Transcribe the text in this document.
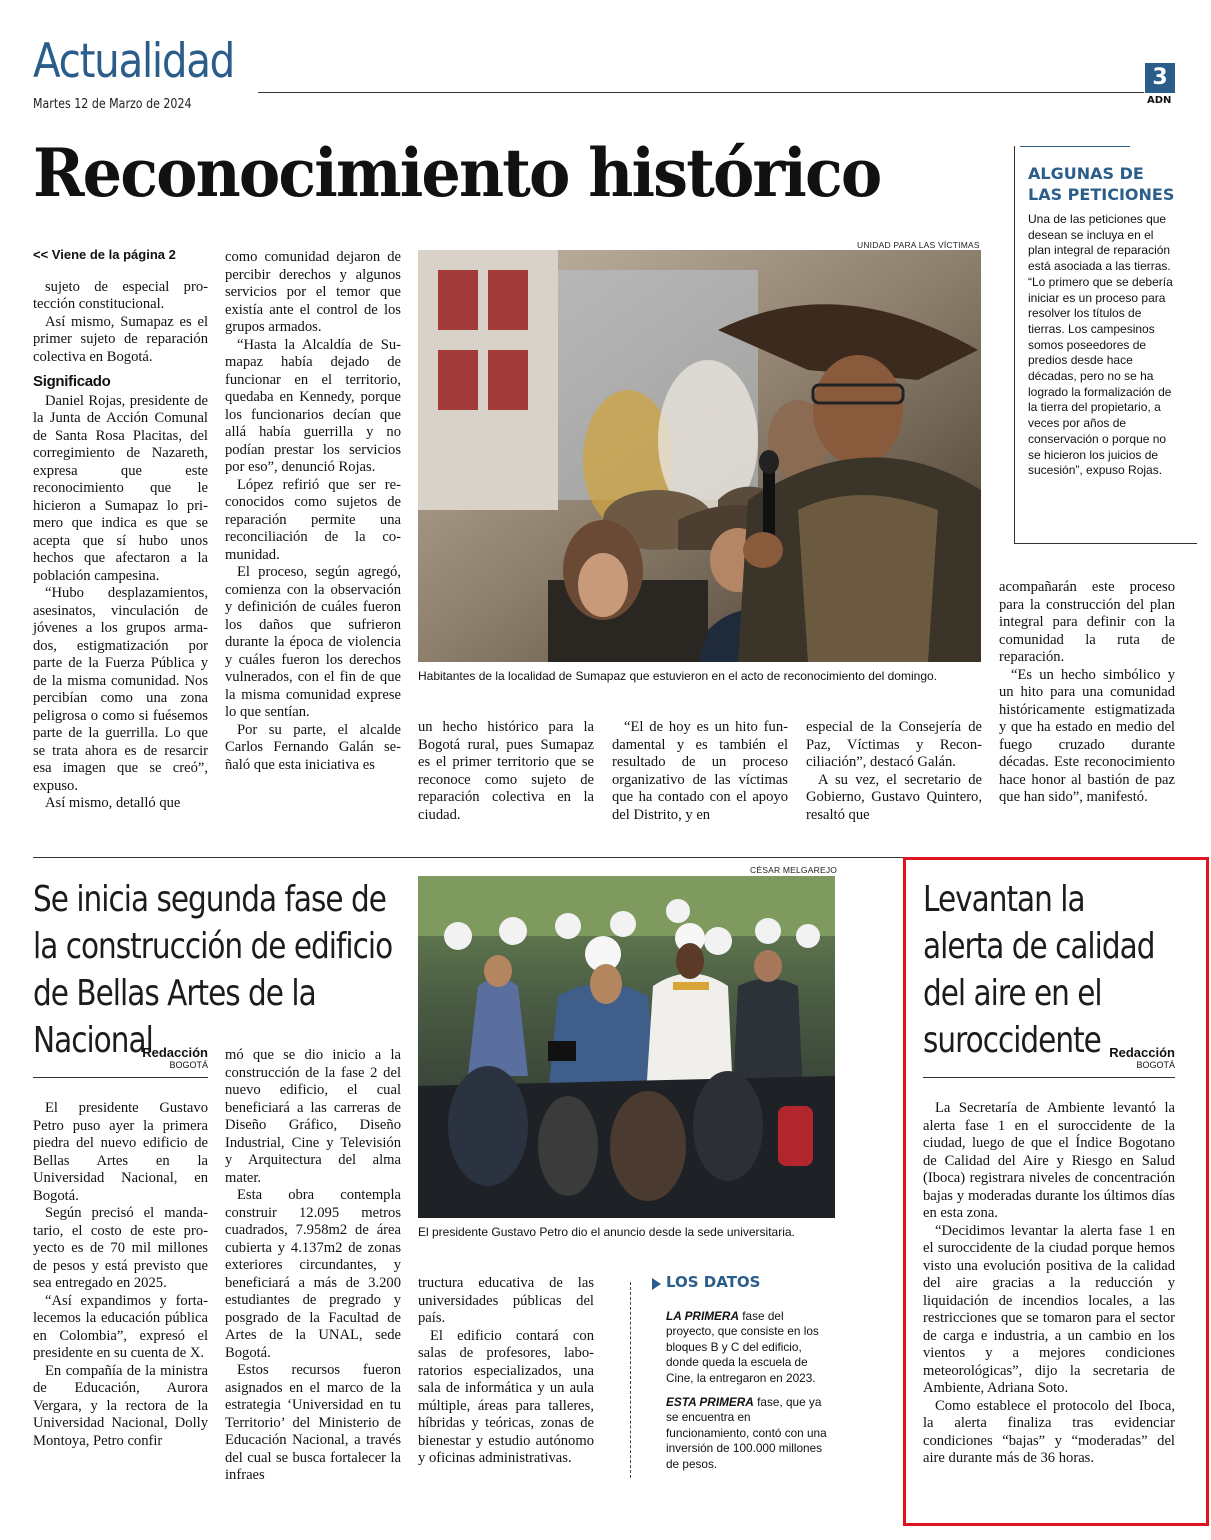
Actualidad
Martes 12 de Marzo de 2024
3
ADN
Reconocimiento histórico	ALGUNAS DE LAS PETICIONES
Una de las peticiones que desean se incluya en el plan integral de reparación está asociada a las tierras. “Lo primero que se debería iniciar es un proceso para resolver los títulos de tierras. Los campesinos somos poseedores de predios desde hace décadas, pero no se ha logrado la formalización de la tierra del propietario, a veces por años de conservación o porque no se hicieron los juicios de sucesión”, expuso Rojas.
<< Viene de la página 2

sujeto de especial protección constitucional.

Así mismo, Sumapaz es el primer sujeto de reparación colectiva en Bogotá.

Significado

Daniel Rojas, presidente de la Junta de Acción Comunal de Santa Rosa Placitas, del corregimiento de Nazareth, expresa que este reconocimiento que le hicieron a Sumapaz lo primero que indica es que se acepta que sí hubo unos hechos que afectaron a la población campesina.

“Hubo desplazamientos, asesinatos, vinculación de jóvenes a los grupos armados, estigmatización por parte de la Fuerza Pública y de la misma comunidad. Nos percibían como una zona peligrosa o como si fuésemos parte de la guerrilla. Lo que se trata ahora es de resarcir esa imagen que se creó”, expuso.

Así mismo, detalló que

como comunidad dejaron de percibir derechos y algunos servicios por el temor que existía ante el control de los grupos armados.

“Hasta la Alcaldía de Sumapaz había dejado de funcionar en el territorio, quedaba en Kennedy, porque los funcionarios decían que allá había guerrilla y no podían prestar los servicios por eso”, denunció Rojas.

López refirió que ser reconocidos como sujetos de reparación permite una reconciliación de la comunidad.

El proceso, según agregó, comienza con la observación y definición de cuáles fueron los daños que sufrieron durante la época de violencia y cuáles fueron los derechos vulnerados, con el fin de que la misma comunidad exprese lo que sentían.

Por su parte, el alcalde Carlos Fernando Galán señaló que esta iniciativa es

UNIDAD PARA LAS VÍCTIMAS
Habitantes de la localidad de Sumapaz que estuvieron en el acto de reconocimiento del domingo.

un hecho histórico para la Bogotá rural, pues Sumapaz es el primer territorio que se reconoce como sujeto de reparación colectiva en la ciudad.

“El de hoy es un hito fundamental y es también el resultado de un proceso organizativo de las víctimas que ha contado con el apoyo del Distrito, y en

especial de la Consejería de Paz, Víctimas y Reconciliación”, destacó Galán.

A su vez, el secretario de Gobierno, Gustavo Quintero, resaltó que

acompañarán este proceso para la construcción del plan integral para definir con la comunidad la ruta de reparación.

“Es un hecho simbólico y un hito para una comunidad históricamente estigmatizada y que ha estado en medio del fuego cruzado durante décadas. Este reconocimiento hace honor al bastión de paz que han sido”, manifestó.

Se inicia segunda fase de la construcción de edificio de Bellas Artes de la Nacional
Redacción
BOGOTÁ

El presidente Gustavo Petro puso ayer la primera piedra del nuevo edificio de Bellas Artes en la Universidad Nacional, en Bogotá.

Según precisó el mandatario, el costo de este proyecto es de 70 mil millones de pesos y está previsto que sea entregado en 2025.

“Así expandimos y fortalecemos la educación pública en Colombia”, expresó el presidente en su cuenta de X.

En compañía de la ministra de Educación, Aurora Vergara, y la rectora de la Universidad Nacional, Dolly Montoya, Petro confir

mó que se dio inicio a la construcción de la fase 2 del nuevo edificio, el cual beneficiará a las carreras de Diseño Gráfico, Diseño Industrial, Cine y Televisión y Arquitectura del alma mater.

Esta obra contempla construir 12.095 metros cuadrados, 7.958m2 de área cubierta y 4.137m2 de zonas exteriores circundantes, y beneficiará a más de 3.200 estudiantes de pregrado y posgrado de la Facultad de Artes de la UNAL, sede Bogotá.

Estos recursos fueron asignados en el marco de la estrategia ‘Universidad en tu Territorio’ del Ministerio de Educación Nacional, a través del cual se busca fortalecer la infraes

CÉSAR MELGAREJO
El presidente Gustavo Petro dio el anuncio desde la sede universitaria.

tructura educativa de las universidades públicas del país.

El edificio contará con salas de profesores, laboratorios especializados, una sala de informática y un aula múltiple, áreas para talleres, híbridas y teóricas, zonas de bienestar y estudio autónomo y oficinas administrativas.

LOS DATOS

LA PRIMERA fase del proyecto, que consiste en los bloques B y C del edificio, donde queda la escuela de Cine, la entregaron en 2023.

ESTA PRIMERA fase, que ya se encuentra en funcionamiento, contó con una inversión de 100.000 millones de pesos.

Levantan la alerta de calidad del aire en el suroccidente Redacción
BOGOTÁ

La Secretaría de Ambiente levantó la alerta fase 1 en el suroccidente de la ciudad, luego de que el Índice Bogotano de Calidad del Aire y Riesgo en Salud (Iboca) registrara niveles de concentración bajas y moderadas durante los últimos días en esta zona.

“Decidimos levantar la alerta fase 1 en el suroccidente de la ciudad porque hemos visto una evolución positiva de la calidad del aire gracias a la reducción y liquidación de incendios locales, a las restricciones que se tomaron para el sector de carga e industria, a un cambio en los vientos y a mejores condiciones meteorológicas”, dijo la secretaria de Ambiente, Adriana Soto.

Como establece el protocolo del Iboca, la alerta finaliza tras evidenciar condiciones “bajas” y “moderadas” del aire durante más de 36 horas.
